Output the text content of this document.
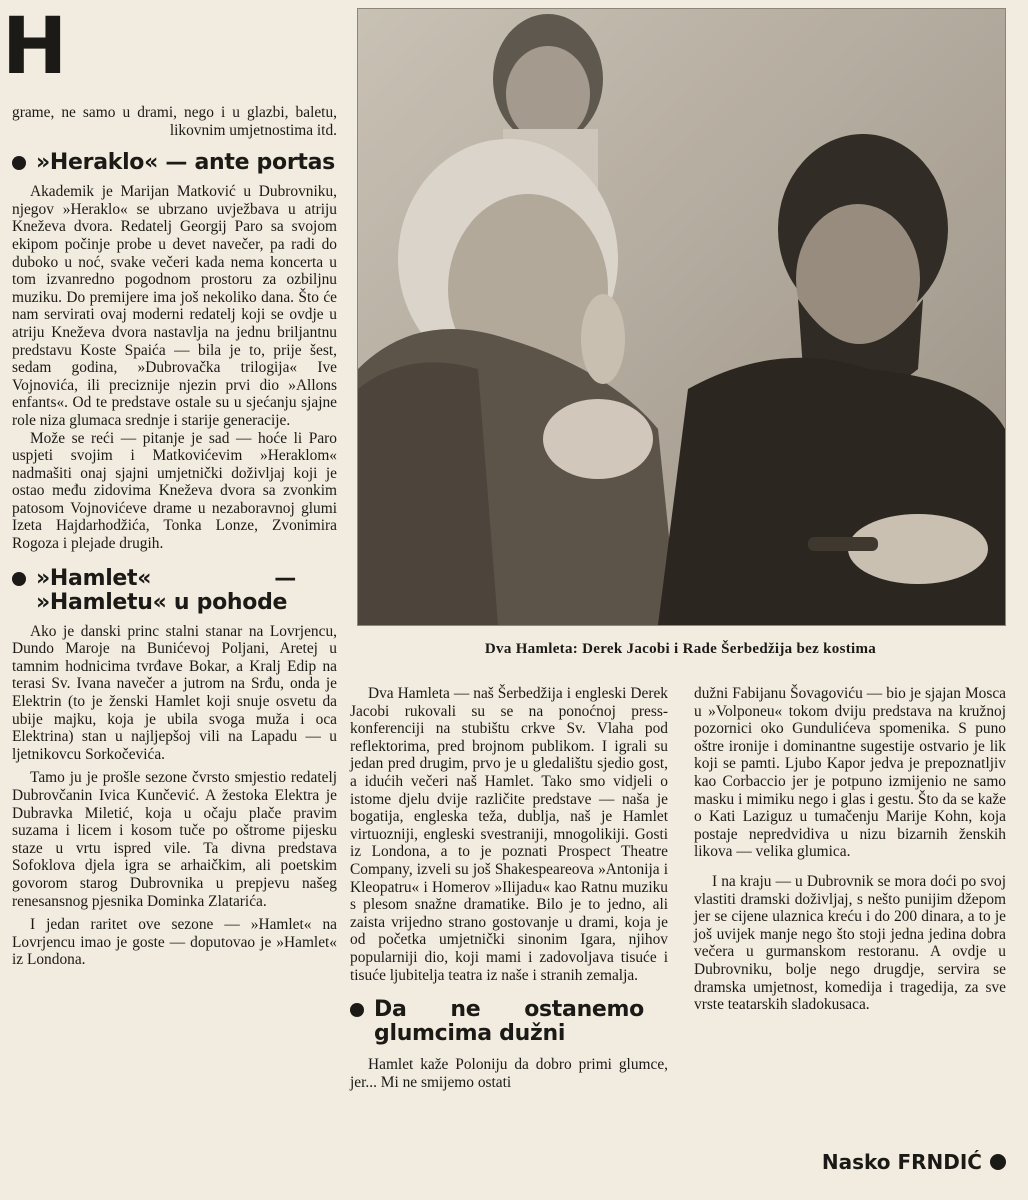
H

grame, ne samo u drami, nego i u glazbi, baletu, likovnim umjetnostima itd.

»Heraklo« — ante portas

Akademik je Marijan Matković u Dubrovniku, njegov »Heraklo« se ubrzano uvježbava u atriju Kneževa dvora. Redatelj Georgij Paro sa svojom ekipom počinje probe u devet navečer, pa radi do duboko u noć, svake večeri kada nema koncerta u tom izvanredno pogodnom prostoru za ozbiljnu muziku. Do premijere ima još nekoliko dana. Što će nam servirati ovaj moderni redatelj koji se ovdje u atriju Kneževa dvora nastavlja na jednu briljantnu predstavu Koste Spaića — bila je to, prije šest, sedam godina, »Dubrovačka trilogija« Ive Vojnovića, ili preciznije njezin prvi dio »Allons enfants«. Od te predstave ostale su u sjećanju sjajne role niza glumaca srednje i starije generacije.

Može se reći — pitanje je sad — hoće li Paro uspjeti svojim i Matkovićevim »Heraklom« nadmašiti onaj sjajni umjetnički doživljaj koji je ostao među zidovima Kneževa dvora sa zvonkim patosom Vojnovićeve drame u nezaboravnoj glumi Izeta Hajdarhodžića, Tonka Lonze, Zvonimira Rogoza i plejade drugih.

»Hamlet« — »Hamletu« u pohode

Ako je danski princ stalni stanar na Lovrjencu, Dundo Maroje na Bunićevoj Poljani, Aretej u tamnim hodnicima tvrđave Bokar, a Kralj Edip na terasi Sv. Ivana navečer a jutrom na Srđu, onda je Elektrin (to je ženski Hamlet koji snuje osvetu da ubije majku, koja je ubila svoga muža i oca Elektrina) stan u najljepšoj vili na Lapadu — u ljetnikovcu Sorkočevića.

Tamo ju je prošle sezone čvrsto smjestio redatelj Dubrovčanin Ivica Kunčević. A žestoka Elektra je Dubravka Miletić, koja u očaju plače pravim suzama i licem i kosom tuče po oštrome pijesku staze u vrtu ispred vile. Ta divna predstava Sofoklova djela igra se arhaičkim, ali poetskim govorom starog Dubrovnika u prepjevu našeg renesansnog pjesnika Dominka Zlatarića.

I jedan raritet ove sezone — »Hamlet« na Lovrjencu imao je goste — doputovao je »Hamlet« iz Londona.

Dva Hamleta: Derek Jacobi i Rade Šerbedžija bez kostima

Dva Hamleta — naš Šerbedžija i engleski Derek Jacobi rukovali su se na ponoćnoj press-konferenciji na stubištu crkve Sv. Vlaha pod reflektorima, pred brojnom publikom. I igrali su jedan pred drugim, prvo je u gledalištu sjedio gost, a idućih večeri naš Hamlet. Tako smo vidjeli o istome djelu dvije različite predstave — naša je bogatija, engleska teža, dublja, naš je Hamlet virtuozniji, engleski svestraniji, mnogolikiji. Gosti iz Londona, a to je poznati Prospect Theatre Company, izveli su još Shakespeareova »Antonija i Kleopatru« i Homerov »Ilijadu« kao Ratnu muziku s plesom snažne dramatike. Bilo je to jedno, ali zaista vrijedno strano gostovanje u drami, koja je od početka umjetnički sinonim Igara, njihov popularniji dio, koji mami i zadovoljava tisuće i tisuće ljubitelja teatra iz naše i stranih zemalja.

Da ne ostanemo glumcima dužni

Hamlet kaže Poloniju da dobro primi glumce, jer... Mi ne smijemo ostati

dužni Fabijanu Šovagoviću — bio je sjajan Mosca u »Volponeu« tokom dviju predstava na kružnoj pozornici oko Gundulićeva spomenika. S puno oštre ironije i dominantne sugestije ostvario je lik koji se pamti. Ljubo Kapor jedva je prepoznatljiv kao Corbaccio jer je potpuno izmijenio ne samo masku i mimiku nego i glas i gestu. Što da se kaže o Kati Laziguz u tumačenju Marije Kohn, koja postaje nepredvidiva u nizu bizarnih ženskih likova — velika glumica.

I na kraju — u Dubrovnik se mora doći po svoj vlastiti dramski doživljaj, s nešto punijim džepom jer se cijene ulaznica kreću i do 200 dinara, a to je još uvijek manje nego što stoji jedna jedina dobra večera u gurmanskom restoranu. A ovdje u Dubrovniku, bolje nego drugdje, servira se dramska umjetnost, komedija i tragedija, za sve vrste teatarskih sladokusaca.

Nasko FRNDIĆ
